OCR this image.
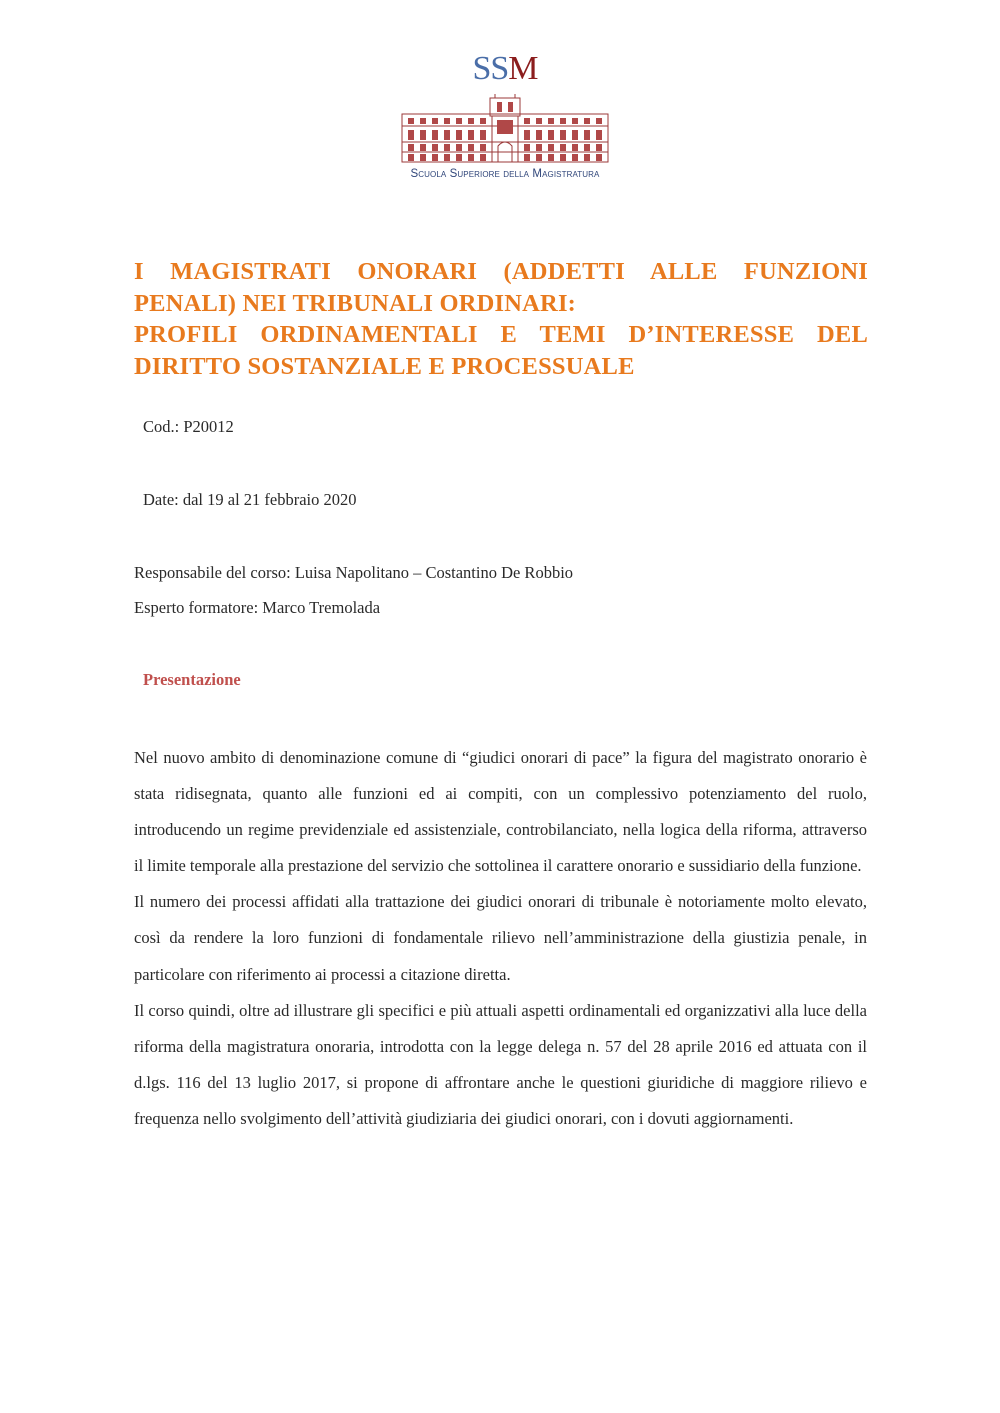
SSM
Scuola Superiore della Magistratura
I MAGISTRATI ONORARI (ADDETTI ALLE FUNZIONI
PENALI) NEI TRIBUNALI ORDINARI:
PROFILI ORDINAMENTALI E TEMI D’INTERESSE DEL
DIRITTO SOSTANZIALE E PROCESSUALE
Cod.: P20012
Date: dal 19 al 21 febbraio 2020
Responsabile del corso: Luisa Napolitano – Costantino De Robbio
Esperto formatore: Marco Tremolada
Presentazione

Nel nuovo ambito di denominazione comune di “giudici onorari di pace” la figura del magistrato onorario è stata ridisegnata, quanto alle funzioni ed ai compiti, con un complessivo potenziamento del ruolo, introducendo un regime previdenziale ed assistenziale, controbilanciato, nella logica della riforma, attraverso il limite temporale alla prestazione del servizio che sottolinea il carattere onorario e sussidiario della funzione.

Il numero dei processi affidati alla trattazione dei giudici onorari di tribunale è notoriamente molto elevato, così da rendere la loro funzioni di fondamentale rilievo nell’amministrazione della giustizia penale, in particolare con riferimento ai processi a citazione diretta.

Il corso quindi, oltre ad illustrare gli specifici e più attuali aspetti ordinamentali ed organizzativi alla luce della riforma della magistratura onoraria, introdotta con la legge delega n. 57 del 28 aprile 2016 ed attuata con il d.lgs. 116 del 13 luglio 2017, si propone di affrontare anche le questioni giuridiche di maggiore rilievo e frequenza nello svolgimento dell’attività giudiziaria dei giudici onorari, con i dovuti aggiornamenti.
